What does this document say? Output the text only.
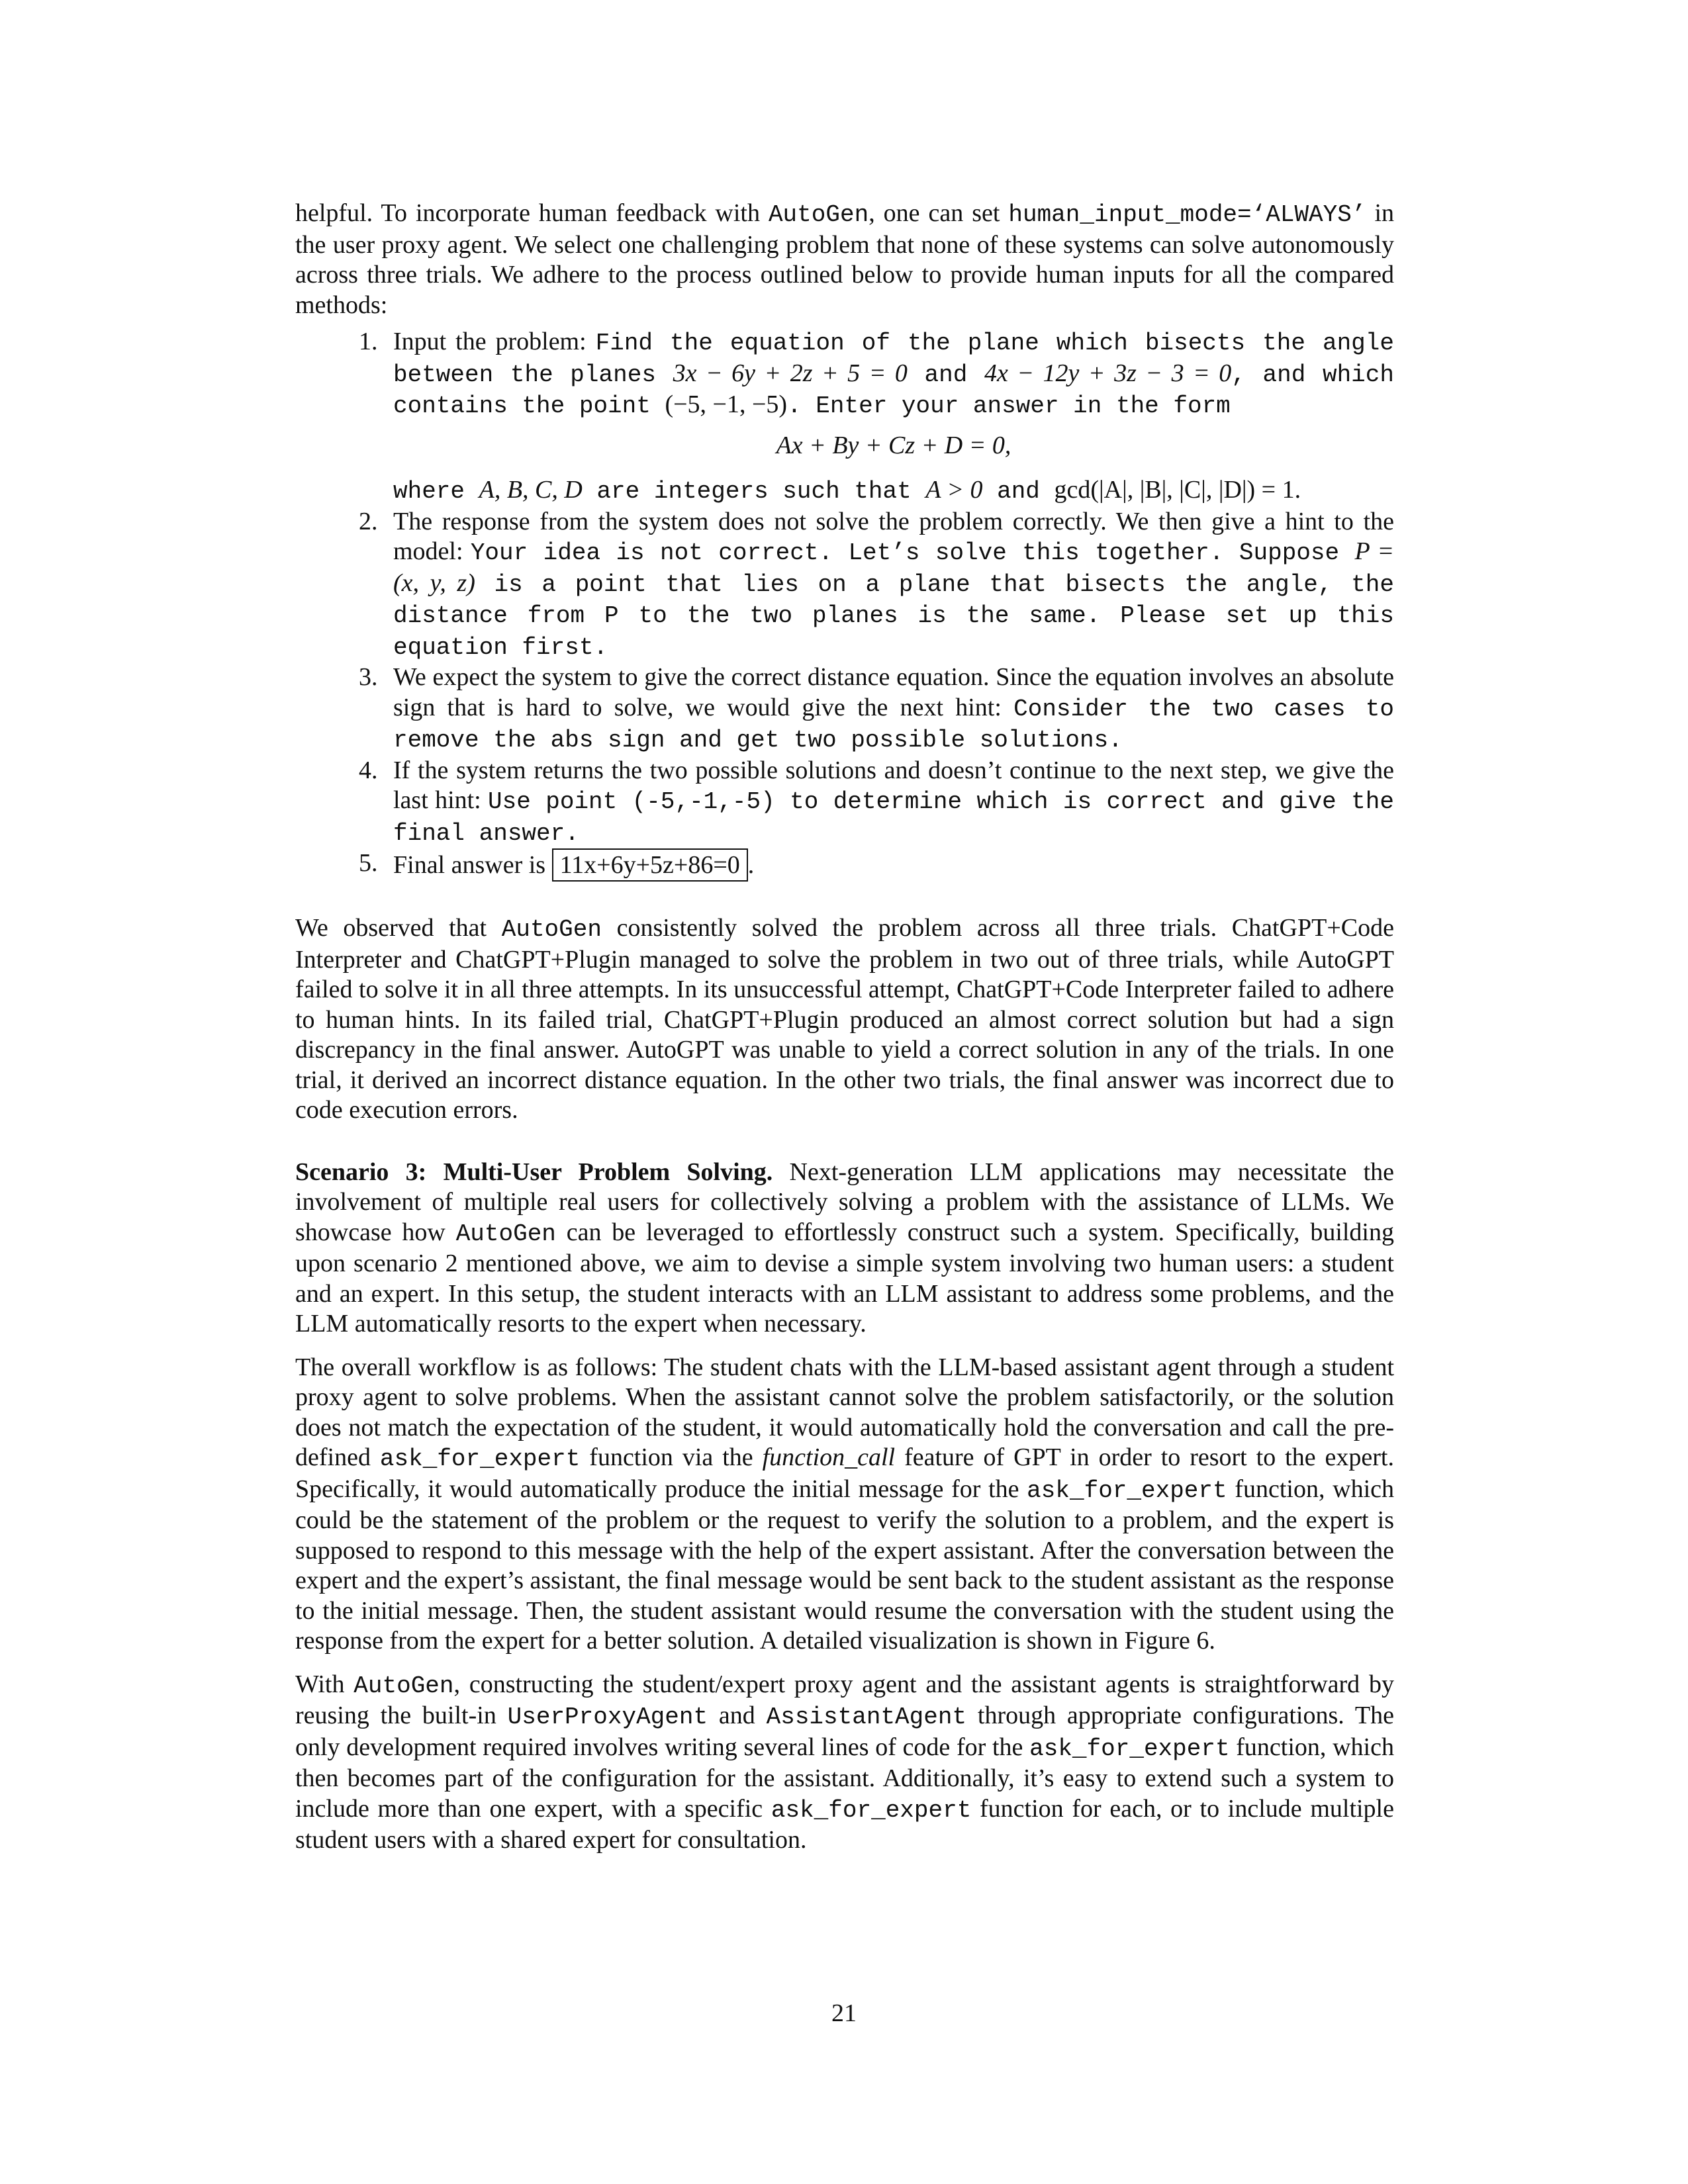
helpful. To incorporate human feedback with AutoGen, one can set human_input_mode=‘ALWAYS’ in the user proxy agent. We select one challenging problem that none of these systems can solve autonomously across three trials. We adhere to the process outlined below to provide human inputs for all the compared methods:

1. Input the problem: Find the equation of the plane which bisects the angle between the planes 3x − 6y + 2z + 5 = 0 and 4x − 12y + 3z − 3 = 0, and which contains the point (−5, −1, −5). Enter your answer in the form
Ax + By + Cz + D = 0,
where A, B, C, D are integers such that A > 0 and gcd(|A|, |B|, |C|, |D|) = 1.
2. The response from the system does not solve the problem correctly. We then give a hint to the model: Your idea is not correct. Let’s solve this together. Suppose P = (x, y, z) is a point that lies on a plane that bisects the angle, the distance from P to the two planes is the same. Please set up this equation first.
3. We expect the system to give the correct distance equation. Since the equation involves an absolute sign that is hard to solve, we would give the next hint: Consider the two cases to remove the abs sign and get two possible solutions.
4. If the system returns the two possible solutions and doesn’t continue to the next step, we give the last hint: Use point (-5,-1,-5) to determine which is correct and give the final answer.
5. Final answer is 11x+6y+5z+86=0 .

We observed that AutoGen consistently solved the problem across all three trials. ChatGPT+Code Interpreter and ChatGPT+Plugin managed to solve the problem in two out of three trials, while AutoGPT failed to solve it in all three attempts. In its unsuccessful attempt, ChatGPT+Code Interpreter failed to adhere to human hints. In its failed trial, ChatGPT+Plugin produced an almost correct solution but had a sign discrepancy in the final answer. AutoGPT was unable to yield a correct solution in any of the trials. In one trial, it derived an incorrect distance equation. In the other two trials, the final answer was incorrect due to code execution errors.

Scenario 3: Multi-User Problem Solving. Next-generation LLM applications may necessitate the involvement of multiple real users for collectively solving a problem with the assistance of LLMs. We showcase how AutoGen can be leveraged to effortlessly construct such a system. Specifically, building upon scenario 2 mentioned above, we aim to devise a simple system involving two human users: a student and an expert. In this setup, the student interacts with an LLM assistant to address some problems, and the LLM automatically resorts to the expert when necessary.

The overall workflow is as follows: The student chats with the LLM-based assistant agent through a student proxy agent to solve problems. When the assistant cannot solve the problem satisfactorily, or the solution does not match the expectation of the student, it would automatically hold the conversation and call the pre-defined ask_for_expert function via the function_call feature of GPT in order to resort to the expert. Specifically, it would automatically produce the initial message for the ask_for_expert function, which could be the statement of the problem or the request to verify the solution to a problem, and the expert is supposed to respond to this message with the help of the expert assistant. After the conversation between the expert and the expert’s assistant, the final message would be sent back to the student assistant as the response to the initial message. Then, the student assistant would resume the conversation with the student using the response from the expert for a better solution. A detailed visualization is shown in Figure 6.

With AutoGen, constructing the student/expert proxy agent and the assistant agents is straightforward by reusing the built-in UserProxyAgent and AssistantAgent through appropriate configurations. The only development required involves writing several lines of code for the ask_for_expert function, which then becomes part of the configuration for the assistant. Additionally, it’s easy to extend such a system to include more than one expert, with a specific ask_for_expert function for each, or to include multiple student users with a shared expert for consultation.

21
